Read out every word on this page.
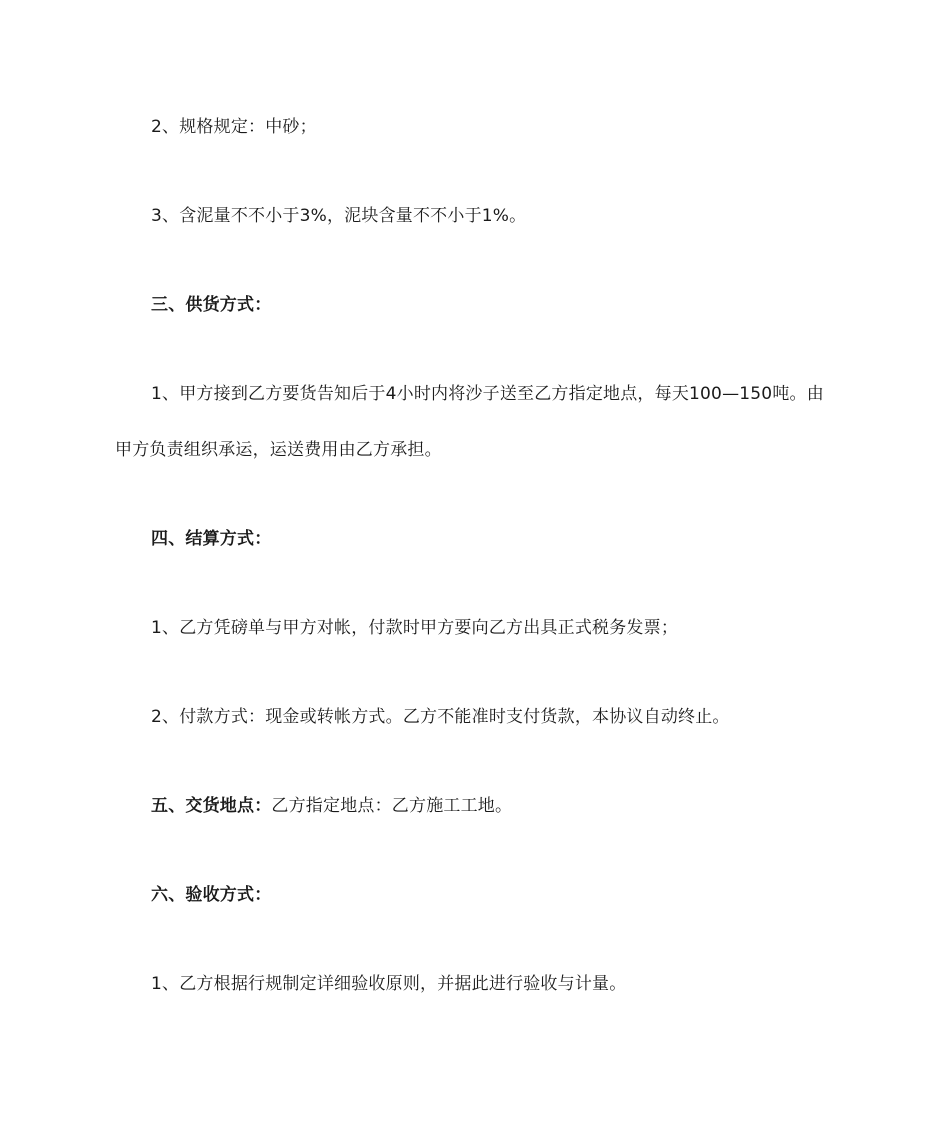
2、规格规定：中砂；
3、含泥量不不小于3%，泥块含量不不小于1%。
三、供货方式：
1、甲方接到乙方要货告知后于4小时内将沙子送至乙方指定地点，每天100—150吨。由
甲方负责组织承运，运送费用由乙方承担。
四、结算方式：
1、乙方凭磅单与甲方对帐，付款时甲方要向乙方出具正式税务发票；
2、付款方式：现金或转帐方式。乙方不能准时支付货款，本协议自动终止。
五、交货地点：乙方指定地点：乙方施工工地。
六、验收方式：
1、乙方根据行规制定详细验收原则，并据此进行验收与计量。
